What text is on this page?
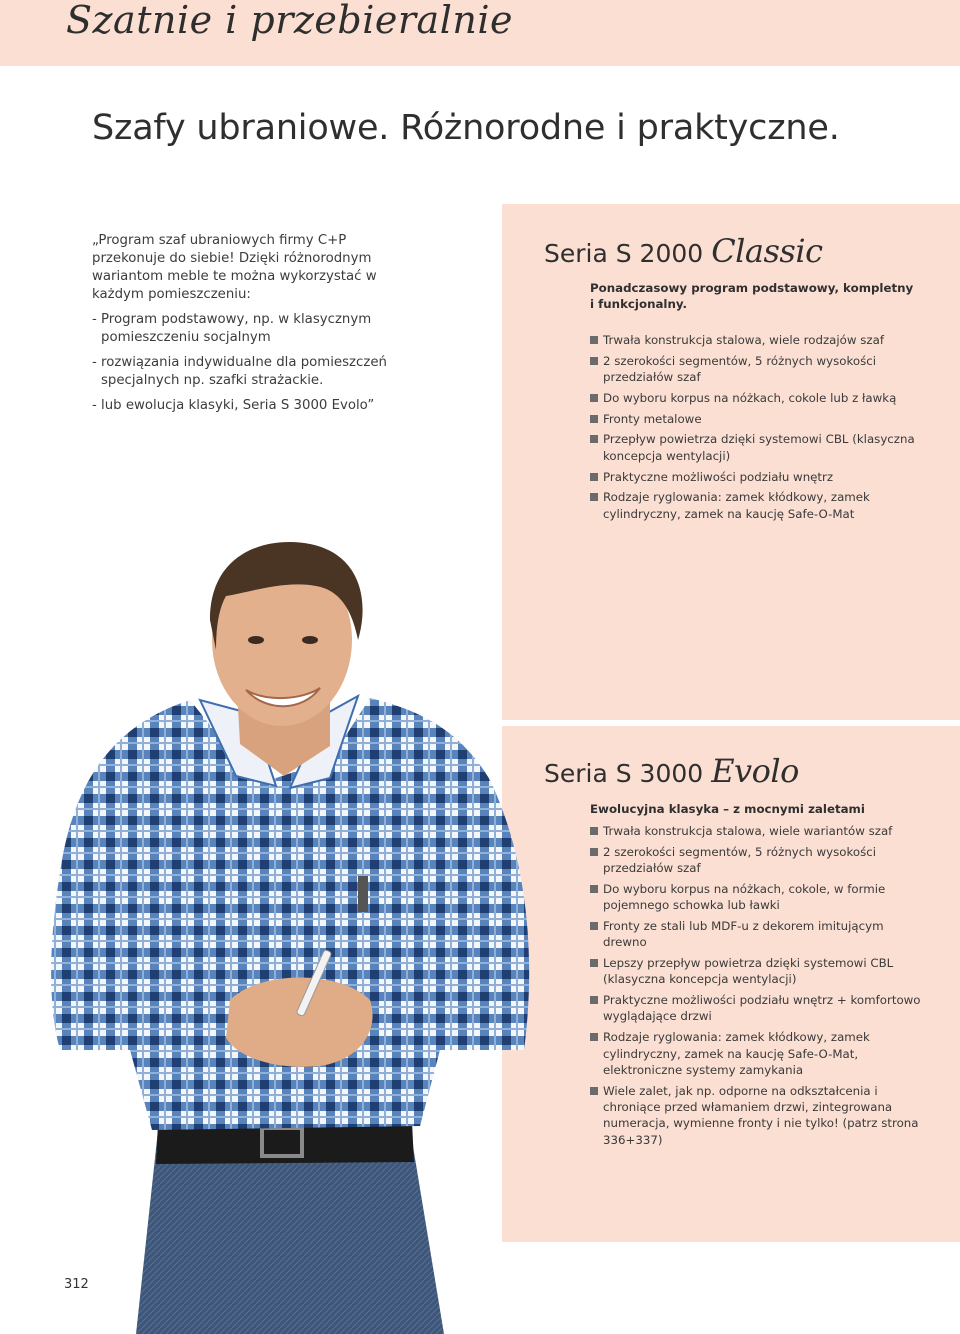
Szatnie i przebieralnie
Szafy ubraniowe. Różnorodne i praktyczne.

„Program szaf ubraniowych firmy C+P przekonuje do siebie! Dzięki różnorodnym wariantom meble te można wykorzystać w każdym pomieszczeniu:

- Program podstawowy, np. w klasycznym pomieszczeniu socjalnym

- rozwiązania indywidualne dla pomieszczeń specjalnych np. szafki strażackie.

- lub ewolucja klasyki, Seria S 3000 Evolo”

Seria S 2000 Classic
Ponadczasowy program podstawowy, kompletny i funkcjonalny.
Trwała konstrukcja stalowa, wiele rodzajów szaf
2 szerokości segmentów, 5 różnych wysokości przedziałów szaf
Do wyboru korpus na nóżkach, cokole lub z ławką
Fronty metalowe
Przepływ powietrza dzięki systemowi CBL (klasyczna koncepcja wentylacji)
Praktyczne możliwości podziału wnętrz
Rodzaje ryglowania: zamek kłódkowy, zamek cylindryczny, zamek na kaucję Safe-O-Mat
Seria S 3000 Evolo
Ewolucyjna klasyka – z mocnymi zaletami
Trwała konstrukcja stalowa, wiele wariantów szaf
2 szerokości segmentów, 5 różnych wysokości przedziałów szaf
Do wyboru korpus na nóżkach, cokole, w formie pojemnego schowka lub ławki
Fronty ze stali lub MDF-u z dekorem imitującym drewno
Lepszy przepływ powietrza dzięki systemowi CBL (klasyczna koncepcja wentylacji)
Praktyczne możliwości podziału wnętrz + komfortowo wyglądające drzwi
Rodzaje ryglowania: zamek kłódkowy, zamek cylindryczny, zamek na kaucję Safe-O-Mat, elektroniczne systemy zamykania
Wiele zalet, jak np. odporne na odkształcenia i chroniące przed włamaniem drzwi, zintegrowana numeracja, wymienne fronty i nie tylko! (patrz strona 336+337)
312
